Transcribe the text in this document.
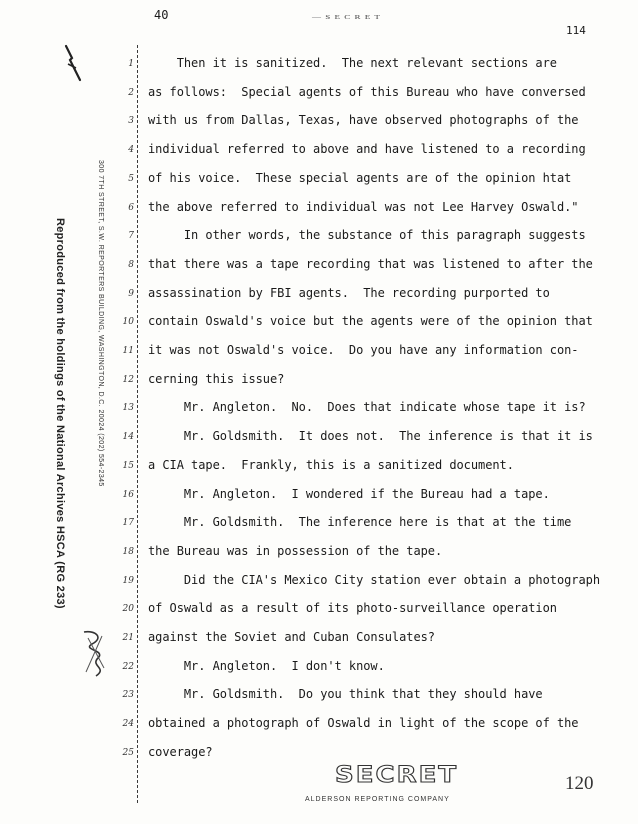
40	— S E C R E T
114
Reproduced from the holdings of the National Archives HSCA (RG 233)	300 7TH STREET, S.W. REPORTERS BUILDING, WASHINGTON, D.C. 20024 (202) 554-2345
1
2
3
4
5
6
7
8
9
10
11
12
13
14
15
16
17
18
19
20
21
22
23
24
25
Then it is sanitized.  The next relevant sections are
as follows:  Special agents of this Bureau who have conversed
with us from Dallas, Texas, have observed photographs of the
individual referred to above and have listened to a recording
of his voice.  These special agents are of the opinion htat
the above referred to individual was not Lee Harvey Oswald."
In other words, the substance of this paragraph suggests
that there was a tape recording that was listened to after the
assassination by FBI agents.  The recording purported to
contain Oswald's voice but the agents were of the opinion that
it was not Oswald's voice.  Do you have any information con-
cerning this issue?
Mr. Angleton.  No.  Does that indicate whose tape it is?
Mr. Goldsmith.  It does not.  The inference is that it is
a CIA tape.  Frankly, this is a sanitized document.
Mr. Angleton.  I wondered if the Bureau had a tape.
Mr. Goldsmith.  The inference here is that at the time
the Bureau was in possession of the tape.
Did the CIA's Mexico City station ever obtain a photograph
of Oswald as a result of its photo-surveillance operation
against the Soviet and Cuban Consulates?
Mr. Angleton.  I don't know.
Mr. Goldsmith.  Do you think that they should have
obtained a photograph of Oswald in light of the scope of the
coverage?
SECRET	120
ALDERSON REPORTING COMPANY
